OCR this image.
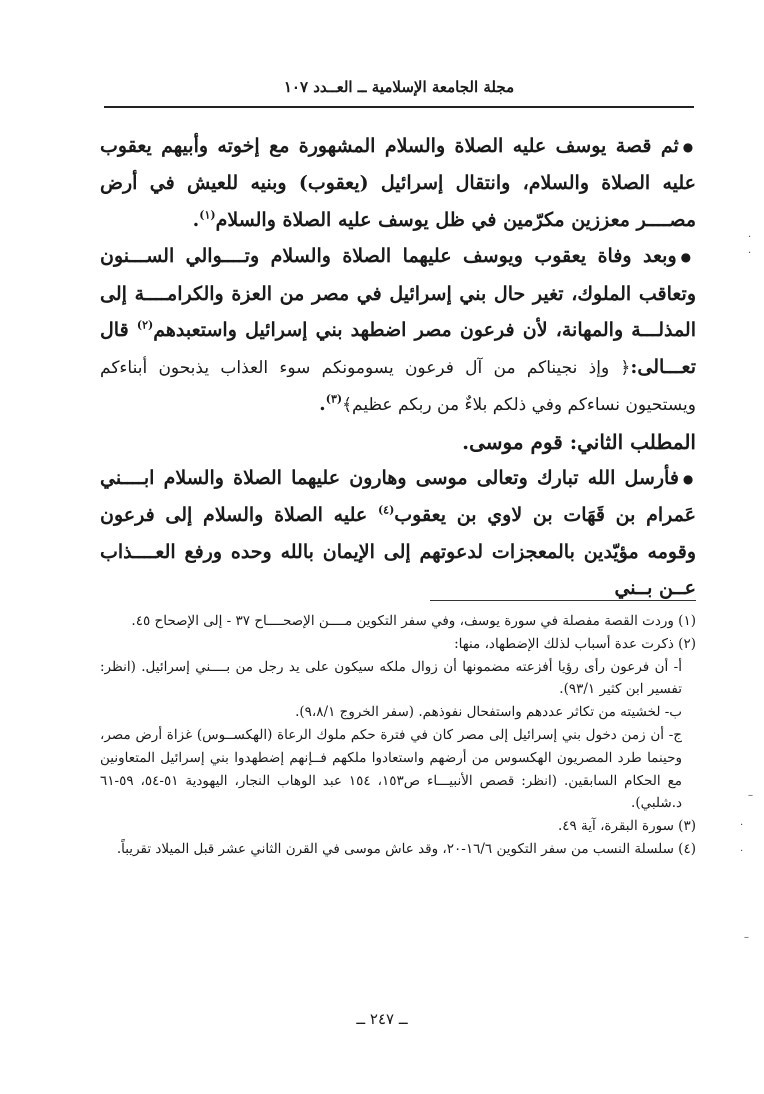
مجلة الجامعة الإسلامية ــ العــدد ١٠٧

●ثم قصة يوسف عليه الصلاة والسلام المشهورة مع إخوته وأبيهم يعقوب عليه الصلاة والسلام، وانتقال إسرائيل (يعقوب) وبنيه للعيش في أرض مصــــر معززين مكرّمين في ظل يوسف عليه الصلاة والسلام$^{(١)}$.

●وبعد وفاة يعقوب ويوسف عليهما الصلاة والسلام وتــــوالي الســـنون وتعاقب الملوك، تغير حال بني إسرائيل في مصر من العزة والكرامــــة إلى المذلـــة والمهانة، لأن فرعون مصر اضطهد بني إسرائيل واستعبدهم$^{(٢)}$ قال تعـــالى:﴿ وإذ نجيناكم من آل فرعون يسومونكم سوء العذاب يذبحون أبناءكم ويستحيون نساءكم وفي ذلكم بلاءٌ من ربكم عظيم﴾$^{(٣)}$.

المطلب الثاني: قوم موسى.

●فأرسل الله تبارك وتعالى موسى وهارون عليهما الصلاة والسلام ابــــني عَمرام بن قَهَات بن لاوي بن يعقوب$^{(٤)}$ عليه الصلاة والسلام إلى فرعون وقومه مؤيّدين بالمعجزات لدعوتهم إلى الإيمان بالله وحده ورفع العــــذاب عــن بــني

(١) وردت القصة مفصلة في سورة يوسف، وفي سفر التكوين مــــن الإصحــــاح ٣٧ - إلى الإصحاح ٤٥.

(٢) ذكرت عدة أسباب لذلك الإضطهاد، منها:

أ- أن فرعون رأى رؤيا أفزعته مضمونها أن زوال ملكه سيكون على يد رجل من بــــني إسرائيل. (انظر: تفسير ابن كثير ٩٣/١).

ب- لخشيته من تكاثر عددهم واستفحال نفوذهم. (سفر الخروج ٩،٨/١).

ج- أن زمن دخول بني إسرائيل إلى مصر كان في فترة حكم ملوك الرعاة (الهكســوس) غزاة أرض مصر، وحينما طرد المصريون الهكسوس من أرضهم واستعادوا ملكهم فــإنهم إضطهدوا بني إسرائيل المتعاونين مع الحكام السابقين. (انظر: قصص الأنبيـــاء ص١٥٣، ١٥٤ عبد الوهاب النجار، اليهودية ٥١-٥٤، ٥٩-٦١ د.شلبي).

(٣) سورة البقرة، آية ٤٩.

(٤) سلسلة النسب من سفر التكوين ١٦/٦-٢٠، وقد عاش موسى في القرن الثاني عشر قبل الميلاد تقريباً.

ــ ٢٤٧ ــ
·
·
–
·
·
–
